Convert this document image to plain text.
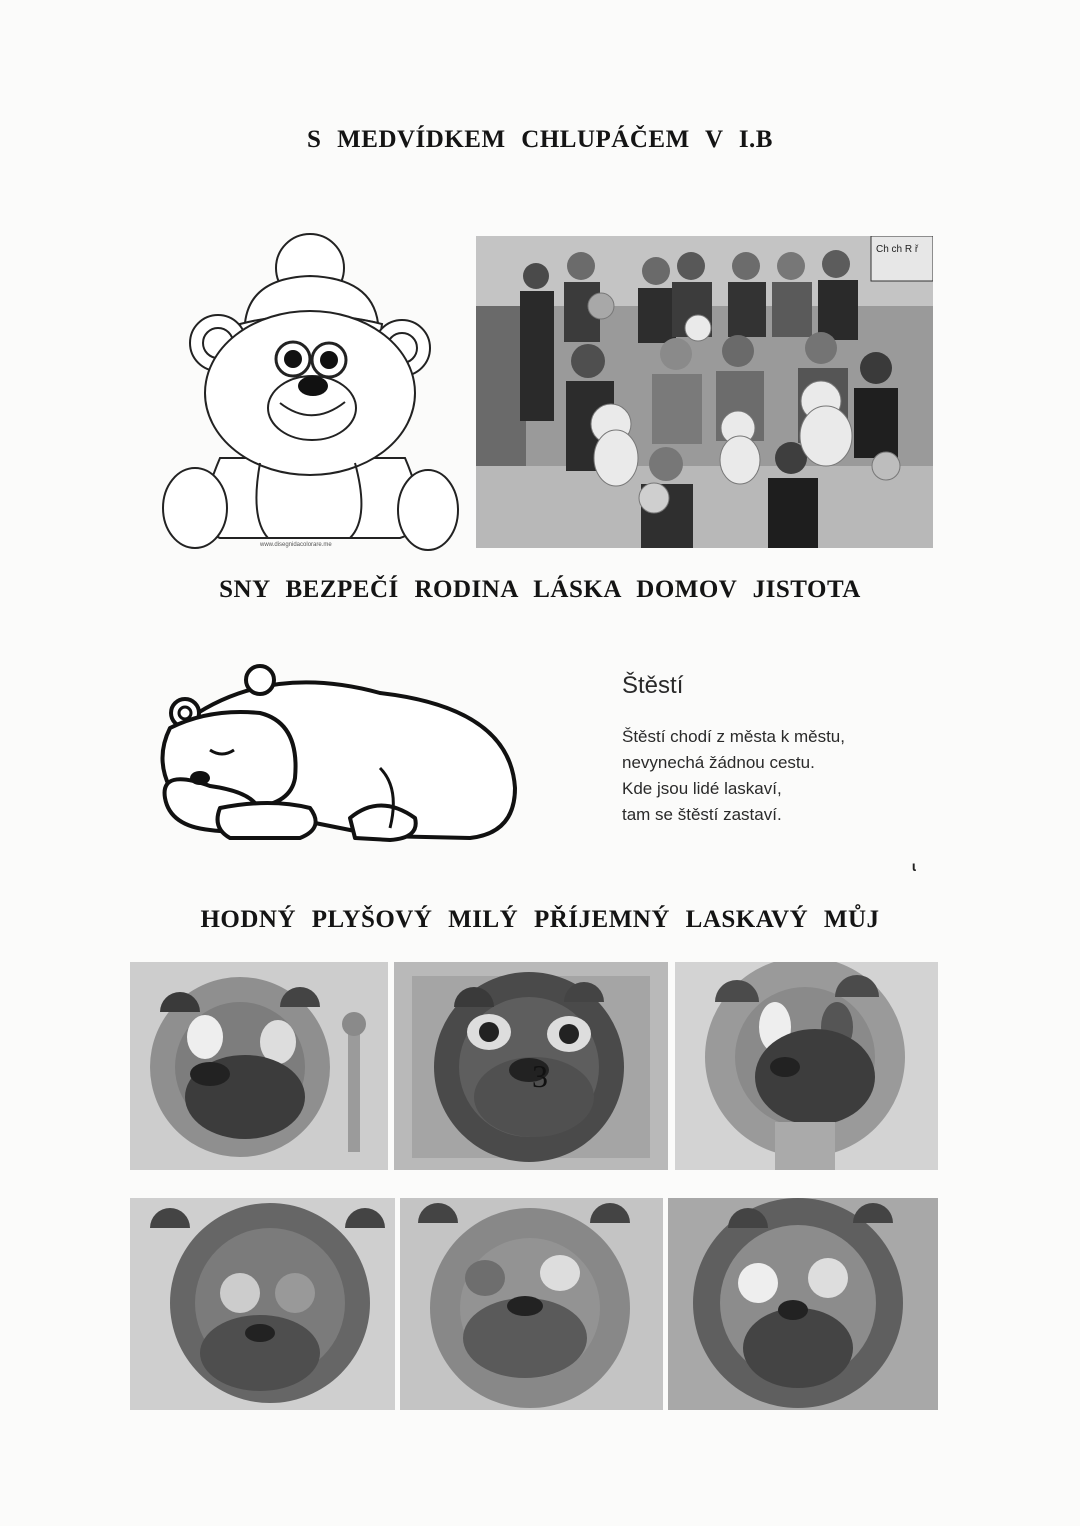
S MEDVÍDKEM CHLUPÁČEM V I.B
www.disegnidacolorare.me
Ch ch R ř
SNY BEZPEČÍ RODINA LÁSKA DOMOV JISTOTA
Štěstí
Štěstí chodí z města k městu,
nevynechá žádnou cestu.
Kde jsou lidé laskaví,
tam se štěstí zastaví.
ɩ
HODNÝ PLYŠOVÝ MILÝ PŘÍJEMNÝ LASKAVÝ MŮJ
3
